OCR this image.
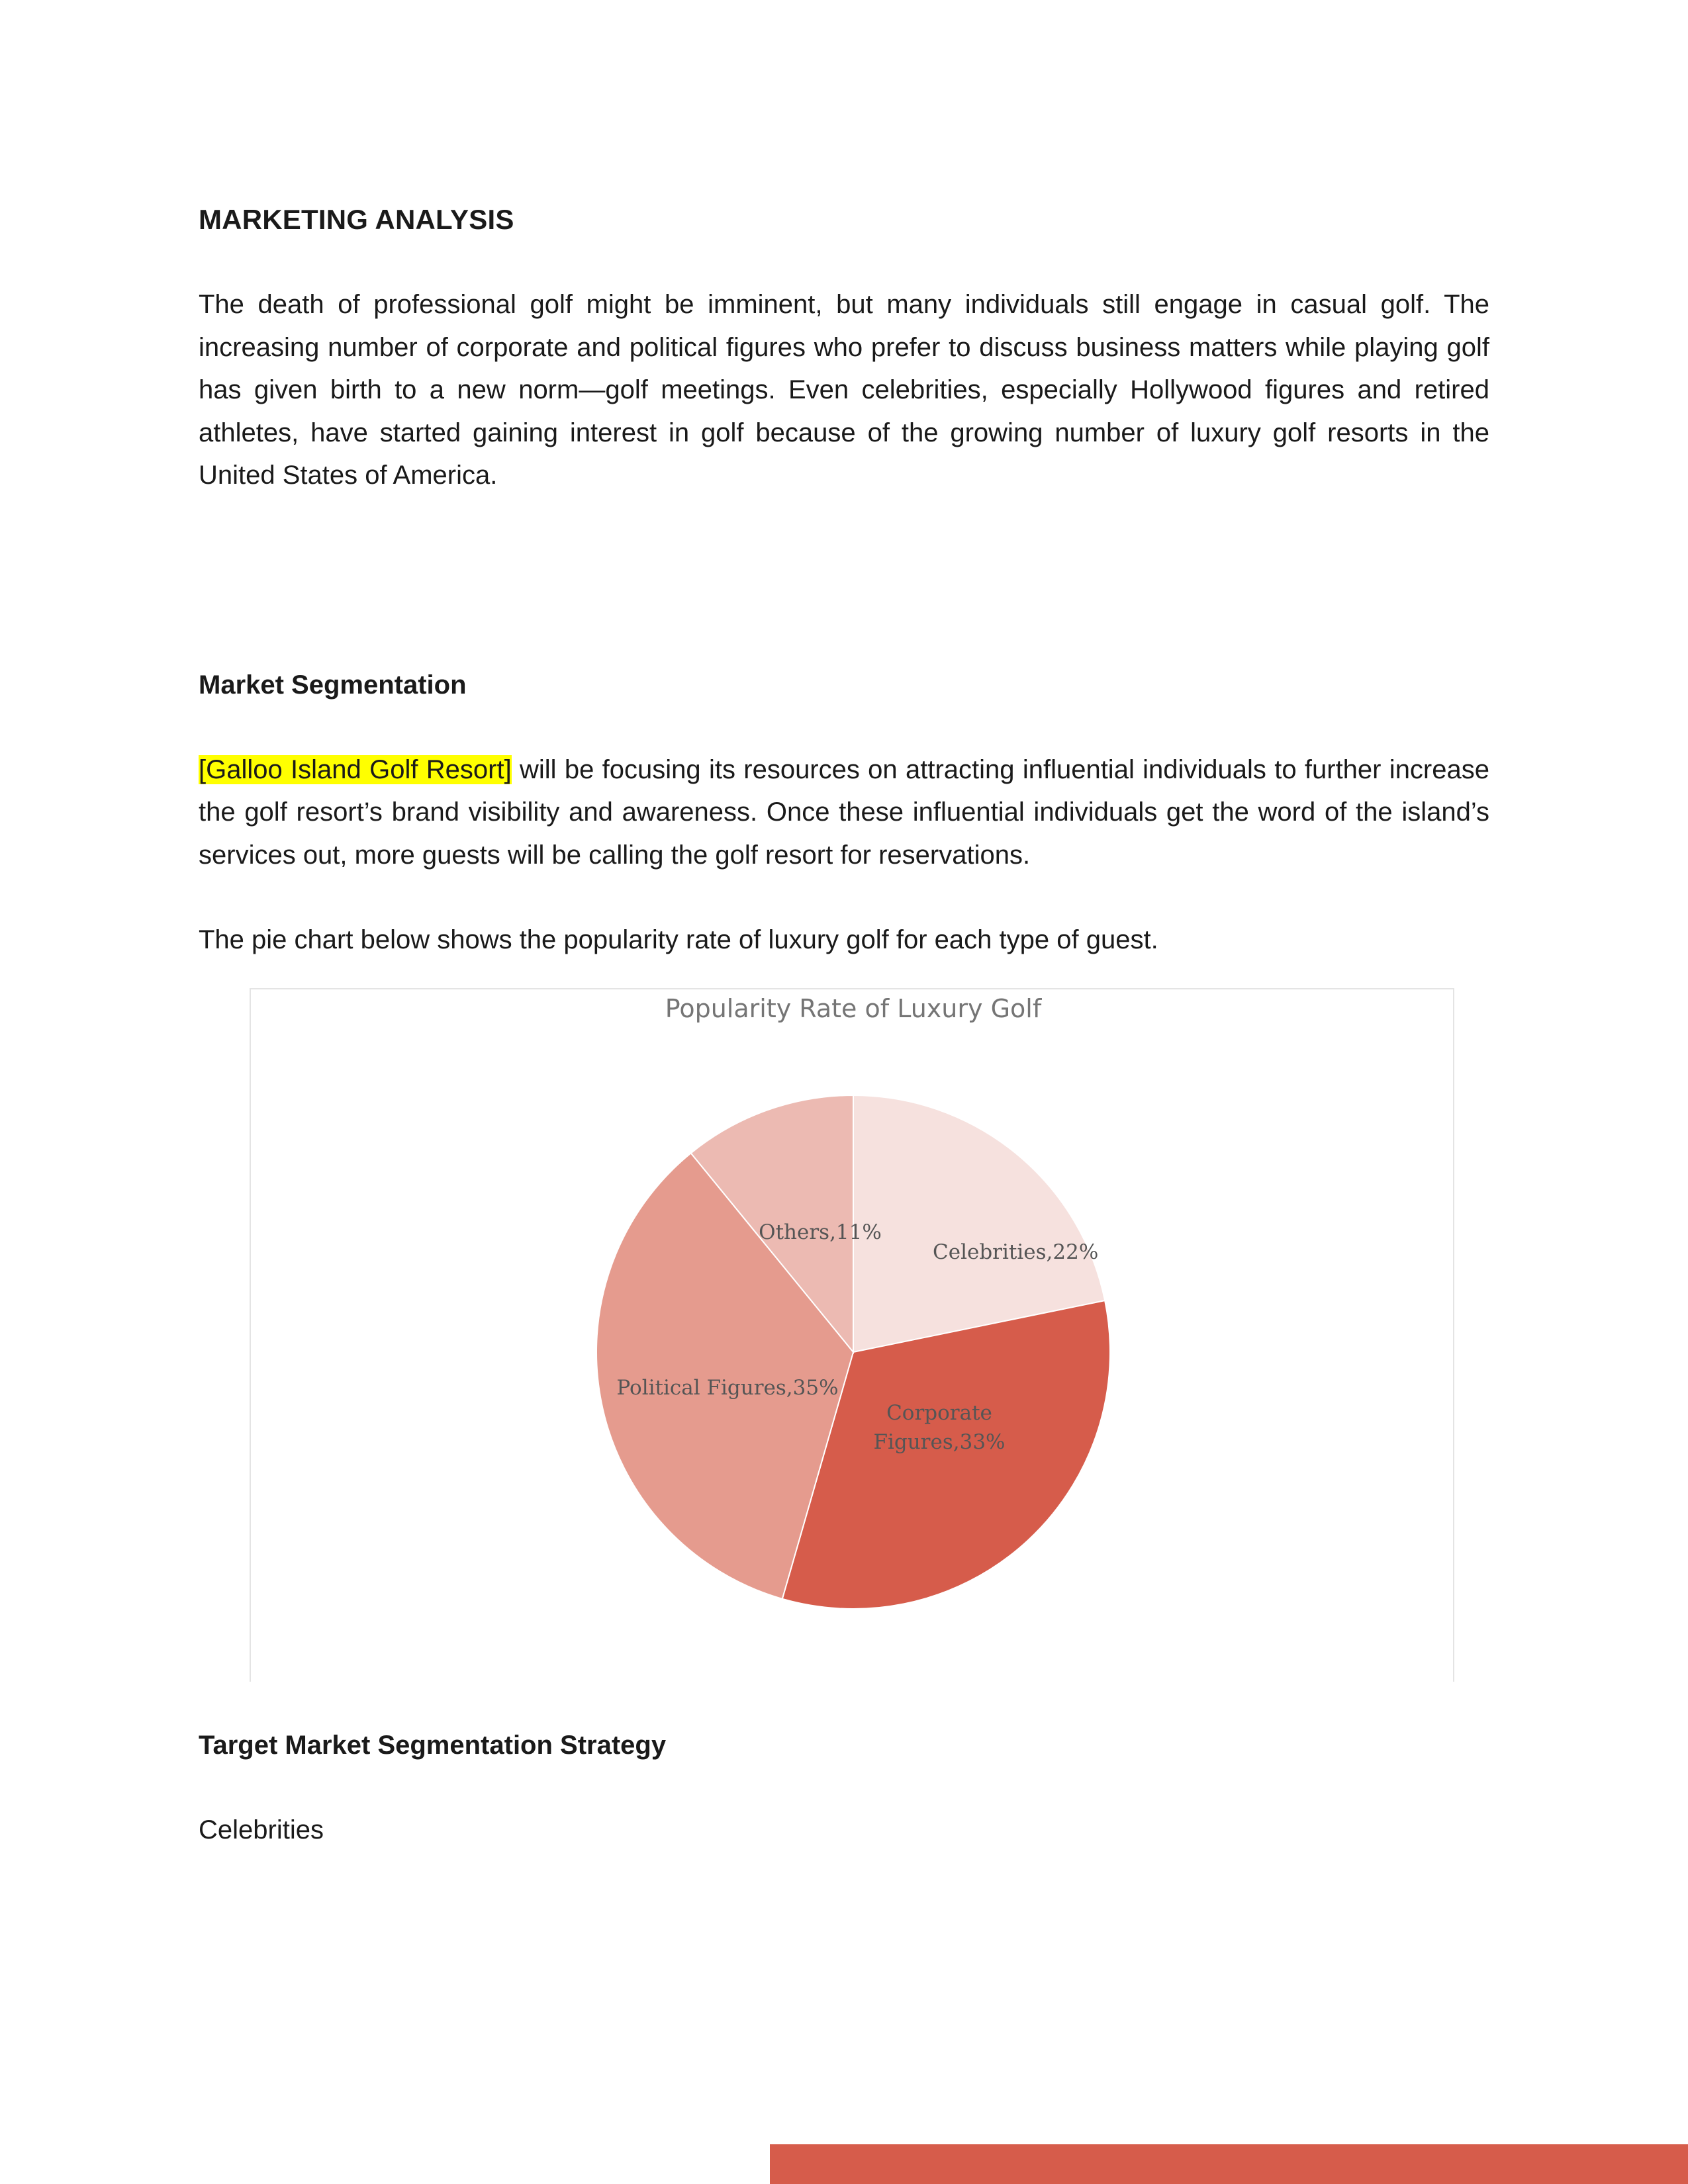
MARKETING ANALYSIS

The death of professional golf might be imminent, but many individuals still engage in casual golf. The increasing number of corporate and political figures who prefer to discuss business matters while playing golf has given birth to a new norm—golf meetings. Even celebrities, especially Hollywood figures and retired athletes, have started gaining interest in golf because of the growing number of luxury golf resorts in the United States of America.

Market Segmentation

[Galloo Island Golf Resort] will be focusing its resources on attracting influential individuals to further increase the golf resort’s brand visibility and awareness. Once these influential individuals get the word of the island’s services out, more guests will be calling the golf resort for reservations.

The pie chart below shows the popularity rate of luxury golf for each type of guest.

Popularity Rate of Luxury Golf
Celebrities,22%
Corporate Figures,33%
Political Figures,35%
Others,11%
Target Market Segmentation Strategy

Celebrities
